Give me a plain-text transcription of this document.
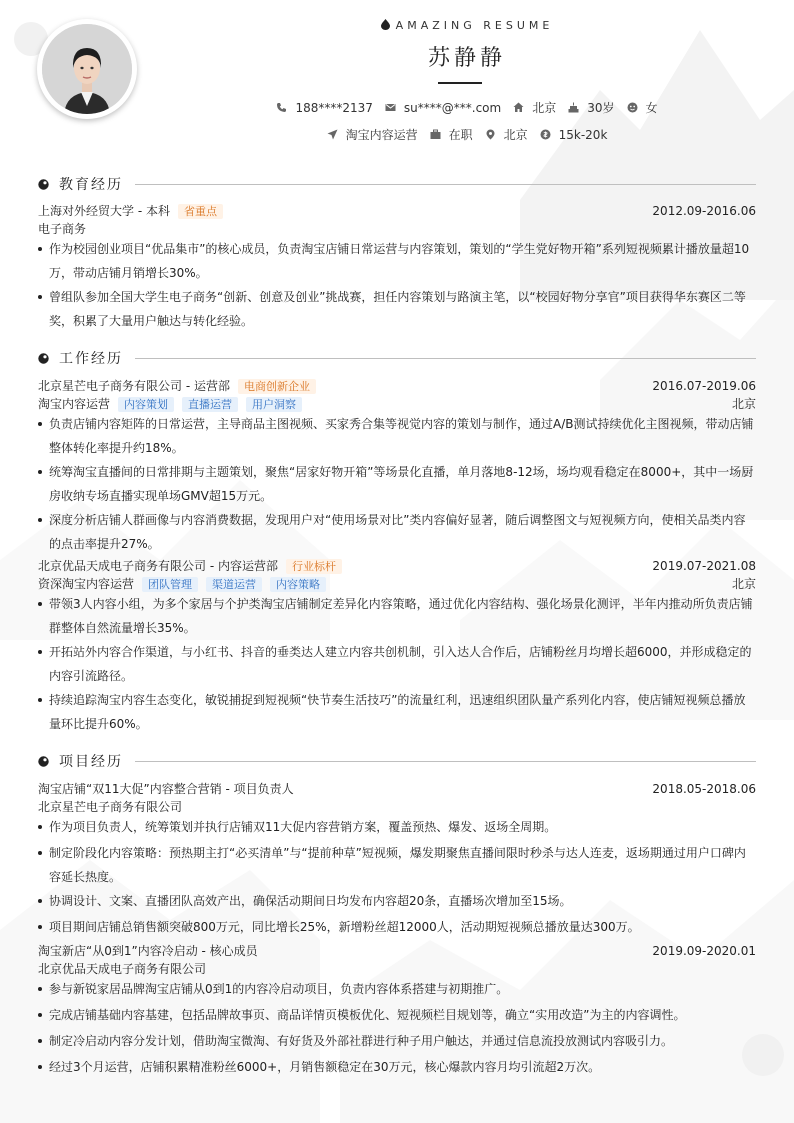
AMAZING RESUME
苏静静
188****2137	su****@***.com	北京	30岁	女
淘宝内容运营	在职	北京	15k-20k
教育经历
上海对外经贸大学 - 本科	省重点	2012.09-2016.06
电子商务
作为校园创业项目“优品集市”的核心成员，负责淘宝店铺日常运营与内容策划，策划的“学生党好物开箱”系列短视频累计播放量超10万，带动店铺月销增长30%。
曾组队参加全国大学生电子商务“创新、创意及创业”挑战赛，担任内容策划与路演主笔，以“校园好物分享官”项目获得华东赛区二等奖，积累了大量用户触达与转化经验。
工作经历
北京星芒电子商务有限公司 - 运营部	电商创新企业	2016.07-2019.06
淘宝内容运营	内容策划	直播运营	用户洞察	北京
负责店铺内容矩阵的日常运营，主导商品主图视频、买家秀合集等视觉内容的策划与制作，通过A/B测试持续优化主图视频，带动店铺整体转化率提升约18%。
统筹淘宝直播间的日常排期与主题策划，聚焦“居家好物开箱”等场景化直播，单月落地8-12场，场均观看稳定在8000+，其中一场厨房收纳专场直播实现单场GMV超15万元。
深度分析店铺人群画像与内容消费数据，发现用户对“使用场景对比”类内容偏好显著，随后调整图文与短视频方向，使相关品类内容的点击率提升27%。
北京优品天成电子商务有限公司 - 内容运营部	行业标杆	2019.07-2021.08
资深淘宝内容运营	团队管理	渠道运营	内容策略	北京
带领3人内容小组，为多个家居与个护类淘宝店铺制定差异化内容策略，通过优化内容结构、强化场景化测评，半年内推动所负责店铺群整体自然流量增长35%。
开拓站外内容合作渠道，与小红书、抖音的垂类达人建立内容共创机制，引入达人合作后，店铺粉丝月均增长超6000，并形成稳定的内容引流路径。
持续追踪淘宝内容生态变化，敏锐捕捉到短视频“快节奏生活技巧”的流量红利，迅速组织团队量产系列化内容，使店铺短视频总播放量环比提升60%。
项目经历
淘宝店铺“双11大促”内容整合营销 - 项目负责人	2018.05-2018.06
北京星芒电子商务有限公司
作为项目负责人，统筹策划并执行店铺双11大促内容营销方案，覆盖预热、爆发、返场全周期。
制定阶段化内容策略：预热期主打“必买清单”与“提前种草”短视频，爆发期聚焦直播间限时秒杀与达人连麦，返场期通过用户口碑内容延长热度。
协调设计、文案、直播团队高效产出，确保活动期间日均发布内容超20条，直播场次增加至15场。
项目期间店铺总销售额突破800万元，同比增长25%，新增粉丝超12000人，活动期短视频总播放量达300万。
淘宝新店“从0到1”内容冷启动 - 核心成员	2019.09-2020.01
北京优品天成电子商务有限公司
参与新锐家居品牌淘宝店铺从0到1的内容冷启动项目，负责内容体系搭建与初期推广。
完成店铺基础内容基建，包括品牌故事页、商品详情页模板优化、短视频栏目规划等，确立“实用改造”为主的内容调性。
制定冷启动内容分发计划，借助淘宝微淘、有好货及外部社群进行种子用户触达，并通过信息流投放测试内容吸引力。
经过3个月运营，店铺积累精准粉丝6000+，月销售额稳定在30万元，核心爆款内容月均引流超2万次。
